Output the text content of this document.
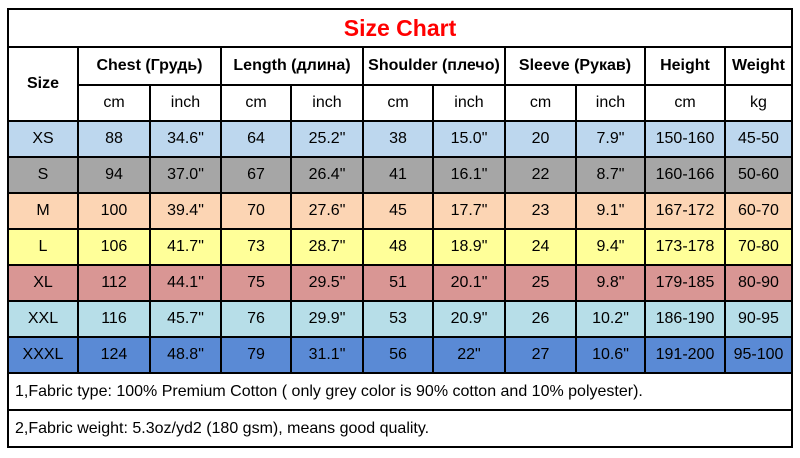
Size Chart										
Size	Chest (Грудь)		Length (длина)		Shoulder (плечо)		Sleeve (Рукав)		Height	Weight
	cm	inch	cm	inch	cm	inch	cm	inch	cm	kg
XS	88	34.6"	64	25.2"	38	15.0"	20	7.9"	150-160	45-50
S	94	37.0"	67	26.4"	41	16.1"	22	8.7"	160-166	50-60
M	100	39.4"	70	27.6"	45	17.7"	23	9.1"	167-172	60-70
L	106	41.7"	73	28.7"	48	18.9"	24	9.4"	173-178	70-80
XL	112	44.1"	75	29.5"	51	20.1"	25	9.8"	179-185	80-90
XXL	116	45.7"	76	29.9"	53	20.9"	26	10.2"	186-190	90-95
XXXL	124	48.8"	79	31.1"	56	22"	27	10.6"	191-200	95-100
1,Fabric type: 100% Premium Cotton ( only grey color is 90% cotton and 10% polyester).										
2,Fabric weight: 5.3oz/yd2 (180 gsm), means good quality.										
